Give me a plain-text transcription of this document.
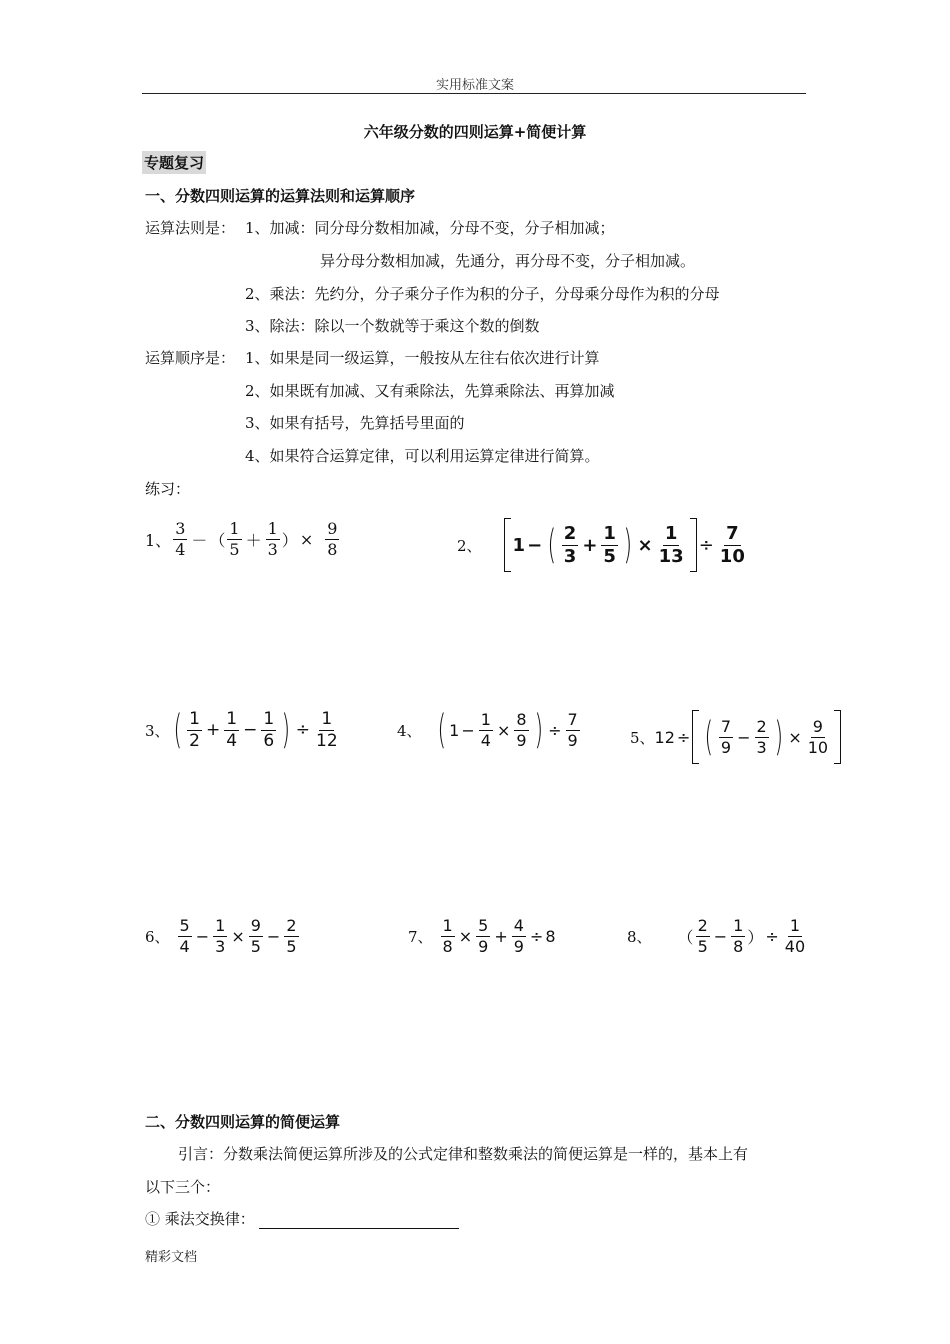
实用标准文案
六年级分数的四则运算+简便计算
专题复习
一、分数四则运算的运算法则和运算顺序
运算法则是： 1、加减：同分母分数相加减，分母不变，分子相加减；
异分母分数相加减，先通分，再分母不变，分子相加减。
2、乘法：先约分，分子乘分子作为积的分子，分母乘分母作为积的分母
3、除法：除以一个数就等于乘这个数的倒数
运算顺序是： 1、如果是同一级运算，一般按从左往右依次进行计算
2、如果既有加减、又有乘除法，先算乘除法、再算加减
3、如果有括号，先算括号里面的
4、如果符合运算定律，可以利用运算定律进行简算。
练习：
1、 $\frac{3}{4}$ － （ $\frac{1}{5} + \frac{1}{3}$ ） × $\frac{9}{8}$	2、 1 − ( $\frac{2}{3} + \frac{1}{5}$ ) × $\frac{1}{13} \div \frac{7}{10}$
3、 ( $\frac{1}{2} + \frac{1}{4} - \frac{1}{6}$ ) ÷ $\frac{1}{12}$	4、 ( $1 - \frac{1}{4} \times \frac{8}{9}$ ) ÷ $\frac{7}{9}$	5、 12 ÷ ( $\frac{7}{9} - \frac{2}{3}$ ) × $\frac{9}{10}$
6、 $\frac{5}{4} - \frac{1}{3} \times \frac{9}{5} - \frac{2}{5}$	7、 $\frac{1}{8} \times \frac{5}{9} + \frac{4}{9} \div 8$	8、 （ $\frac{2}{5} - \frac{1}{8}$ ） ÷ $\frac{1}{40}$
二、分数四则运算的简便运算
引言：分数乘法简便运算所涉及的公式定律和整数乘法的简便运算是一样的，基本上有
以下三个：
① 乘法交换律：
精彩文档
